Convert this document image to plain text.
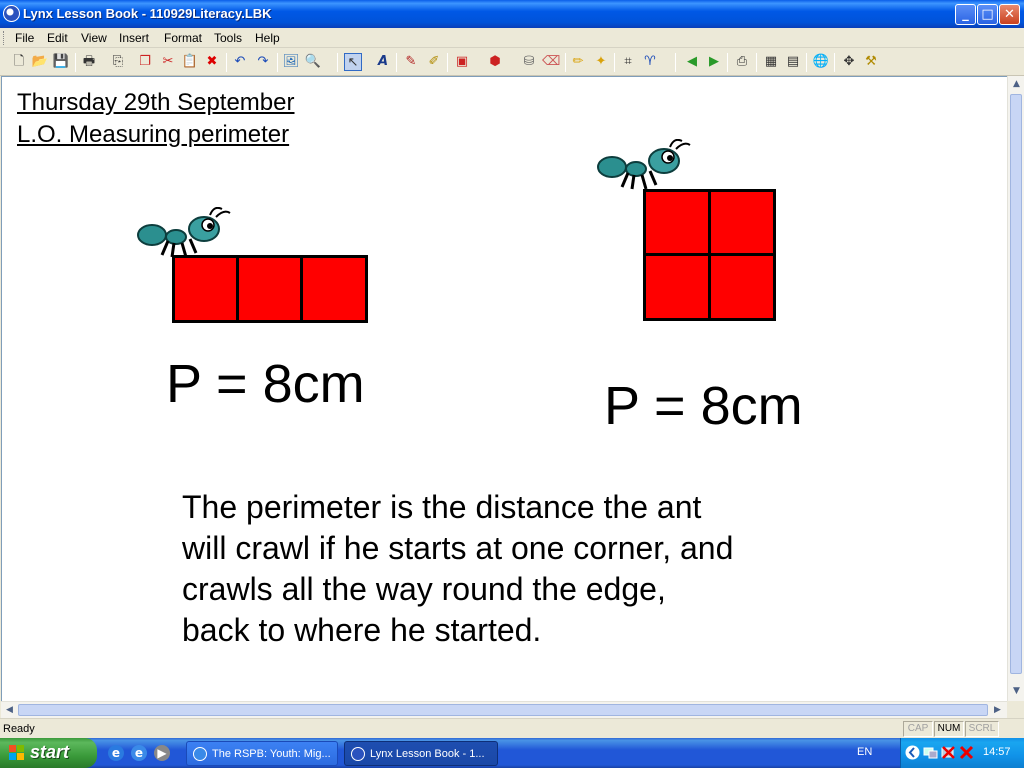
Lynx Lesson Book - 110929Literacy.LBK	_ □ ✕
File Edit View Insert Format Tools Help
🗋 📂 💾 🖶 ⎘ ❐ ✂ 📋 ✖ ↶ ↷ 🖼 🔍 ↖	A	✎ ✐ ▣ ⬢ ⛁ ⌫ ✏ ✦	⌗ ♈	◀ ▶	⎙ ▦ ▤ 🌐 ✥ ⚒
Thursday 29th September
L.O. Measuring perimeter
P = 8cm	P = 8cm
The perimeter is the distance the ant
will crawl if he starts at one corner, and
crawls all the way round the edge,
back to where he started.
▲
▼
◀	▶
Ready	CAP NUM SCRL
start	e	e	▶	The RSPB: Youth: Mig...	Lynx Lesson Book - 1...	EN	14:57
